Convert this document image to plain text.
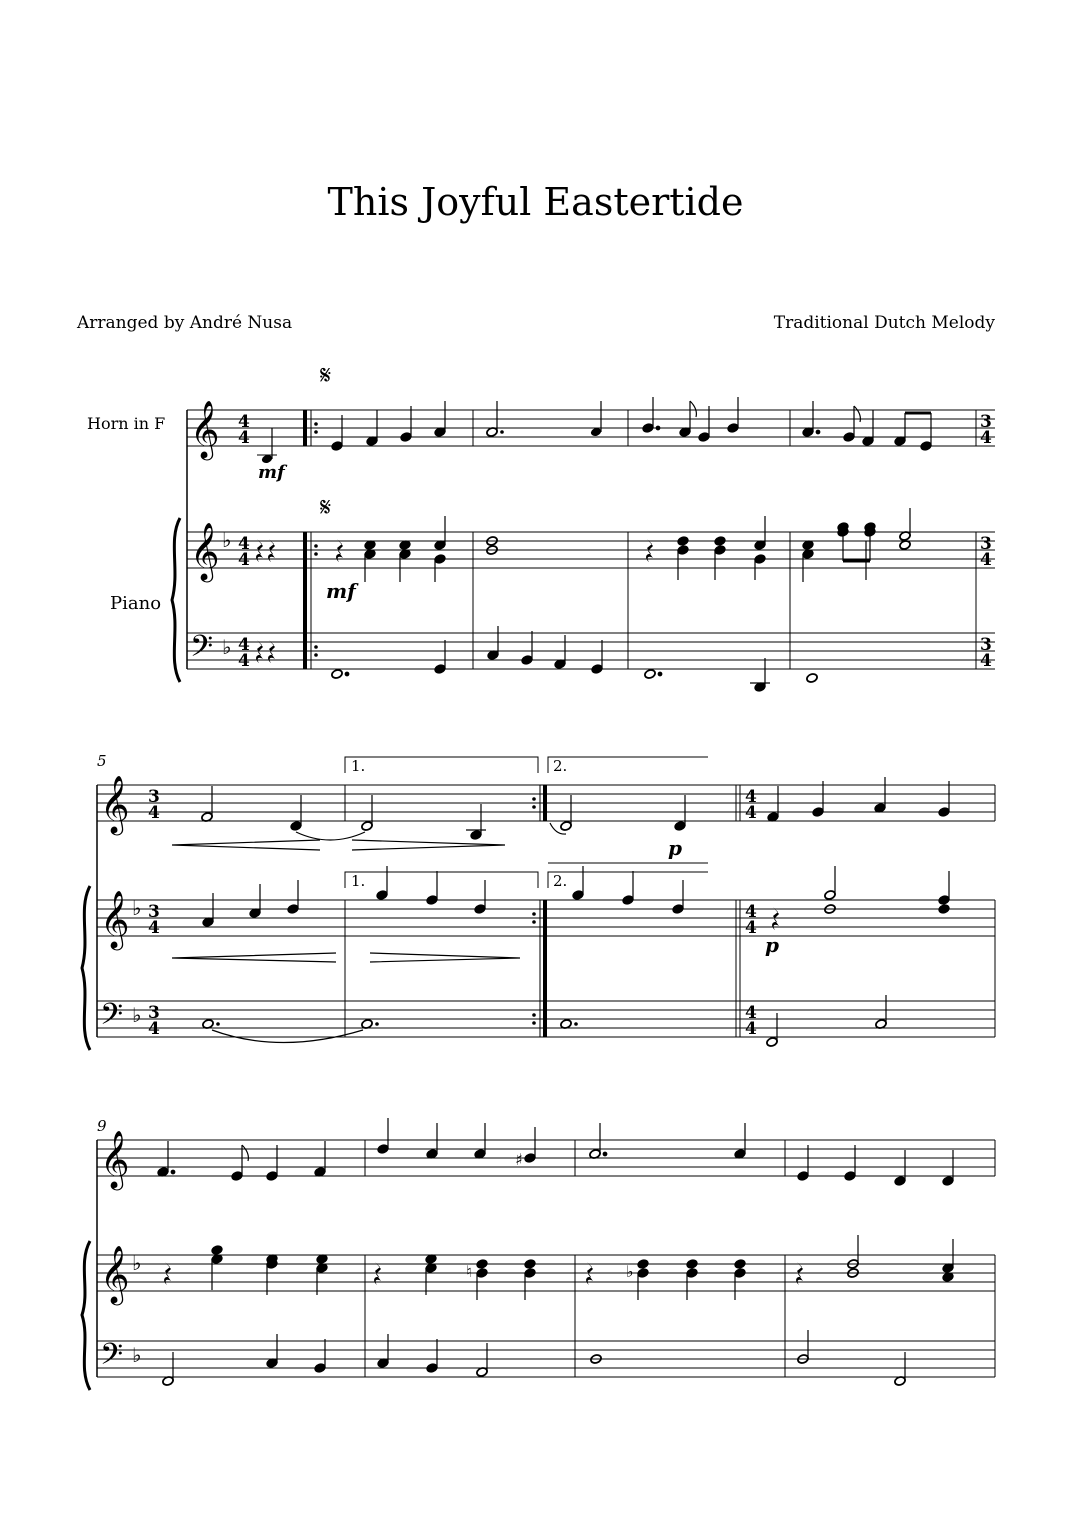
This Joyful Eastertide
Arranged by André Nusa	Traditional Dutch Melody
Horn in F
Piano
𝄞
𝄞
𝄢
♭
♭
4
4
4
4
4
4
3
4
3
4
3
4
mf
𝄋
𝄋
mf
5
𝄞
𝄞
𝄢
♭
♭
3
4
3
4
3
4
4
4
4
4
4
4
1.	2.
1.	2.
p
p
9
𝄞
𝄞
𝄢
♭
♭
♯
♮	♭
